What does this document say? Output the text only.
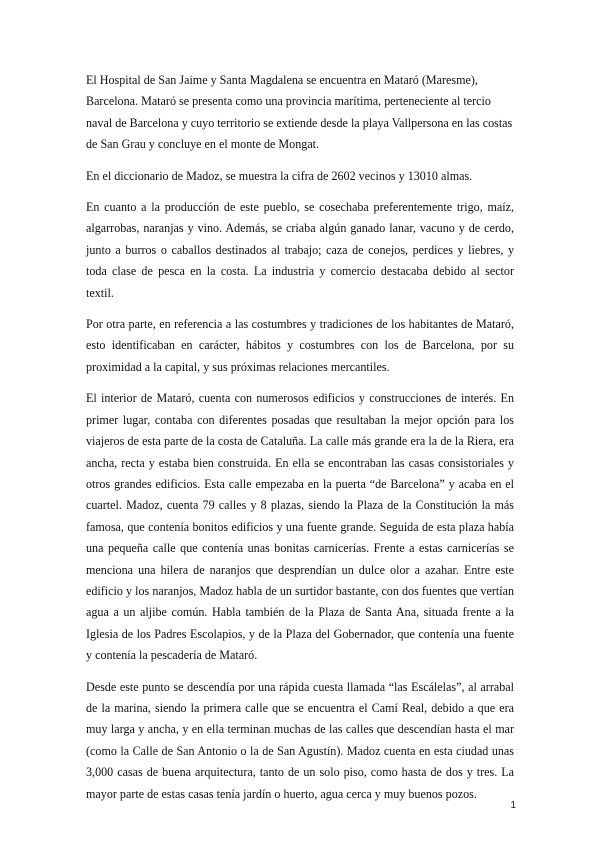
El Hospital de San Jaime y Santa Magdalena se encuentra en Mataró (Maresme), Barcelona. Mataró se presenta como una provincia marítima, perteneciente al tercio naval de Barcelona y cuyo territorio se extiende desde la playa Vallpersona en las costas de San Grau y concluye en el monte de Mongat.

En el diccionario de Madoz, se muestra la cifra de 2602 vecinos y 13010 almas.

En cuanto a la producción de este pueblo, se cosechaba preferentemente trigo, maíz, algarrobas, naranjas y vino. Además, se criaba algún ganado lanar, vacuno y de cerdo, junto a burros o caballos destinados al trabajo; caza de conejos, perdices y liebres, y toda clase de pesca en la costa. La industria y comercio destacaba debido al sector textil.

Por otra parte, en referencia a las costumbres y tradiciones de los habitantes de Mataró, esto identificaban en carácter, hábitos y costumbres con los de Barcelona, por su proximidad a la capital, y sus próximas relaciones mercantiles.

El interior de Mataró, cuenta con numerosos edificios y construcciones de interés. En primer lugar, contaba con diferentes posadas que resultaban la mejor opción para los viajeros de esta parte de la costa de Cataluña. La calle más grande era la de la Riera, era ancha, recta y estaba bien construida. En ella se encontraban las casas consistoriales y otros grandes edificios. Esta calle empezaba en la puerta “de Barcelona” y acaba en el cuartel. Madoz, cuenta 79 calles y 8 plazas, siendo la Plaza de la Constitución la más famosa, que contenía bonitos edificios y una fuente grande. Seguida de esta plaza había una pequeña calle que contenía unas bonitas carnicerías. Frente a estas carnicerías se menciona una hilera de naranjos que desprendían un dulce olor a azahar. Entre este edificio y los naranjos, Madoz habla de un surtidor bastante, con dos fuentes que vertían agua a un aljibe común. Habla también de la Plaza de Santa Ana, situada frente a la Iglesia de los Padres Escolapios, y de la Plaza del Gobernador, que contenía una fuente y contenía la pescadería de Mataró.

Desde este punto se descendía por una rápida cuesta llamada “las Escálelas”, al arrabal de la marina, siendo la primera calle que se encuentra el Camí Real, debido a que era muy larga y ancha, y en ella terminan muchas de las calles que descendían hasta el mar (como la Calle de San Antonio o la de San Agustín). Madoz cuenta en esta ciudad unas 3,000 casas de buena arquitectura, tanto de un solo piso, como hasta de dos y tres. La mayor parte de estas casas tenía jardín o huerto, agua cerca y muy buenos pozos.

1
